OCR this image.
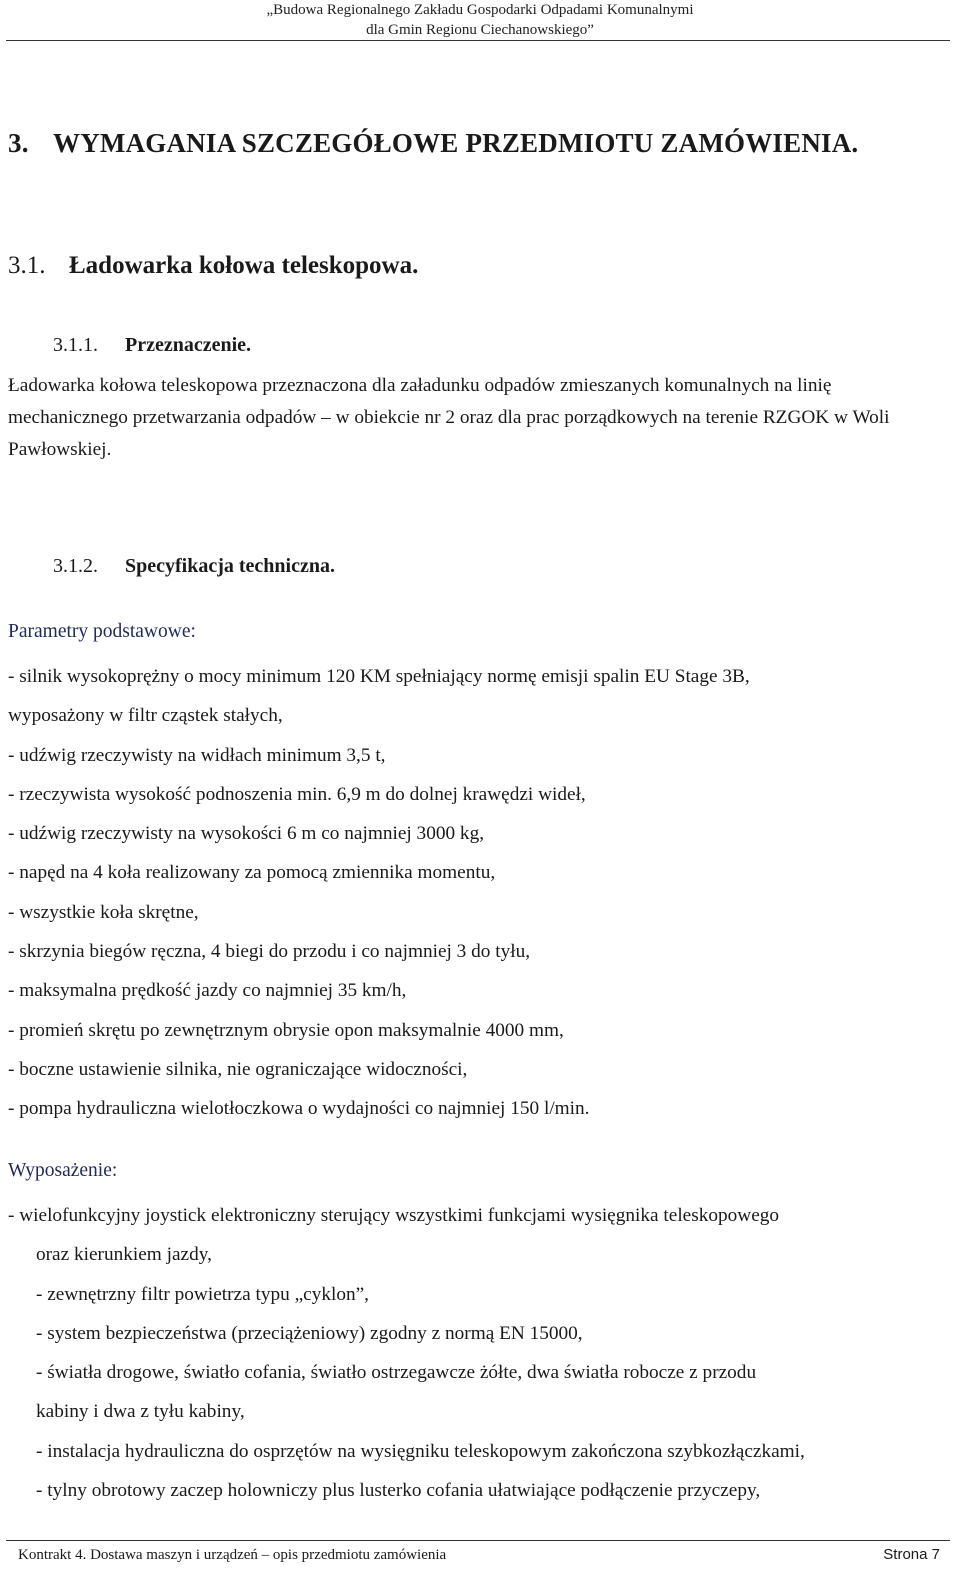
„Budowa Regionalnego Zakładu Gospodarki Odpadami Komunalnymi
dla Gmin Regionu Ciechanowskiego”
3. WYMAGANIA SZCZEGÓŁOWE PRZEDMIOTU ZAMÓWIENIA.
3.1. Ładowarka kołowa teleskopowa.
3.1.1. Przeznaczenie.
Ładowarka kołowa teleskopowa przeznaczona dla załadunku odpadów zmieszanych komunalnych na linię mechanicznego przetwarzania odpadów – w obiekcie nr 2 oraz dla prac porządkowych na terenie RZGOK w Woli Pawłowskiej.
3.1.2. Specyfikacja techniczna.
Parametry podstawowe:
- silnik wysokoprężny o mocy minimum 120 KM spełniający normę emisji spalin EU Stage 3B,
wyposażony w filtr cząstek stałych,
- udźwig rzeczywisty na widłach minimum 3,5 t,
- rzeczywista wysokość podnoszenia min. 6,9 m do dolnej krawędzi wideł,
- udźwig rzeczywisty na wysokości 6 m co najmniej 3000 kg,
- napęd na 4 koła realizowany za pomocą zmiennika momentu,
- wszystkie koła skrętne,
- skrzynia biegów ręczna, 4 biegi do przodu i co najmniej 3 do tyłu,
- maksymalna prędkość jazdy co najmniej 35 km/h,
- promień skrętu po zewnętrznym obrysie opon maksymalnie 4000 mm,
- boczne ustawienie silnika, nie ograniczające widoczności,
- pompa hydrauliczna wielotłoczkowa o wydajności co najmniej 150 l/min.
Wyposażenie:
- wielofunkcyjny joystick elektroniczny sterujący wszystkimi funkcjami wysięgnika teleskopowego
oraz kierunkiem jazdy,
- zewnętrzny filtr powietrza typu „cyklon”,
- system bezpieczeństwa (przeciążeniowy) zgodny z normą EN 15000,
- światła drogowe, światło cofania, światło ostrzegawcze żółte, dwa światła robocze z przodu
kabiny i dwa z tyłu kabiny,
- instalacja hydrauliczna do osprzętów na wysięgniku teleskopowym zakończona szybkozłączkami,
- tylny obrotowy zaczep holowniczy plus lusterko cofania ułatwiające podłączenie przyczepy,
Kontrakt 4. Dostawa maszyn i urządzeń – opis przedmiotu zamówienia	Strona 7
